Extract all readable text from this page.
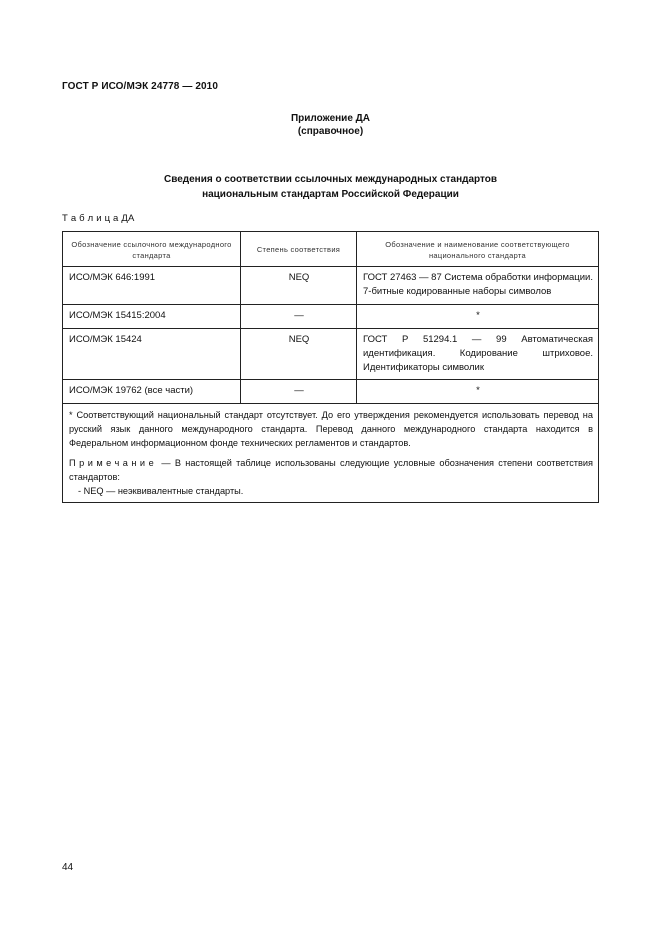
ГОСТ Р ИСО/МЭК 24778 — 2010
Приложение ДА
(справочное)
Сведения о соответствии ссылочных международных стандартов
национальным стандартам Российской Федерации
Т а б л и ц а ДА
Обозначение ссылочного международного стандарта	Степень соответствия	Обозначение и наименование соответствующего национального стандарта
ИСО/МЭК 646:1991	NEQ	ГОСТ 27463 — 87 Система обработки информации. 7-битные кодированные наборы символов
ИСО/МЭК 15415:2004	—	*
ИСО/МЭК 15424	NEQ	ГОСТ Р 51294.1 — 99 Автоматическая идентификация. Кодирование штриховое. Идентификаторы символик
ИСО/МЭК 19762 (все части)	—	*

* Соответствующий национальный стандарт отсутствует. До его утверждения рекомендуется использовать перевод на русский язык данного международного стандарта. Перевод данного международного стандарта находится в Федеральном информационном фонде технических регламентов и стандартов.

Примечание — В настоящей таблице использованы следующие условные обозначения степени соответствия стандартов:

- NEQ — неэквивалентные стандарты.		

44
